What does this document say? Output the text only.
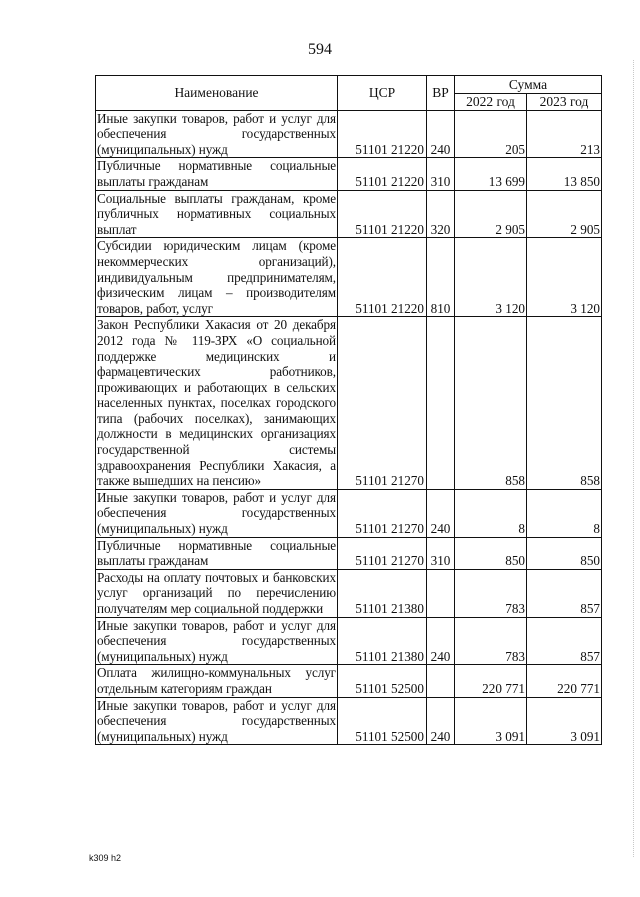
594
Наименование	ЦСР	ВР	Сумма	
			2022 год	2023 год
Иные закупки товаров, работ и услуг для обеспечения государственных (муниципальных) нужд	51101 21220	240	205	213
Публичные нормативные социальные выплаты гражданам	51101 21220	310	13 699	13 850
Социальные выплаты гражданам, кроме публичных нормативных социальных выплат	51101 21220	320	2 905	2 905
Субсидии юридическим лицам (кроме некоммерческих организаций), индивидуальным предпринимателям, физическим лицам – производителям товаров, работ, услуг	51101 21220	810	3 120	3 120
Закон Республики Хакасия от 20 декабря 2012 года № 119-ЗРХ «О социальной поддержке медицинских и фармацевтических работников, проживающих и работающих в сельских населенных пунктах, поселках городского типа (рабочих поселках), занимающих должности в медицинских организациях государственной системы здравоохранения Республики Хакасия, а также вышедших на пенсию»	51101 21270		858	858
Иные закупки товаров, работ и услуг для обеспечения государственных (муниципальных) нужд	51101 21270	240	8	8
Публичные нормативные социальные выплаты гражданам	51101 21270	310	850	850
Расходы на оплату почтовых и банковских услуг организаций по перечислению получателям мер социальной поддержки	51101 21380		783	857
Иные закупки товаров, работ и услуг для обеспечения государственных (муниципальных) нужд	51101 21380	240	783	857
Оплата жилищно-коммунальных услуг отдельным категориям граждан	51101 52500		220 771	220 771
Иные закупки товаров, работ и услуг для обеспечения государственных (муниципальных) нужд	51101 52500	240	3 091	3 091
k309 h2
